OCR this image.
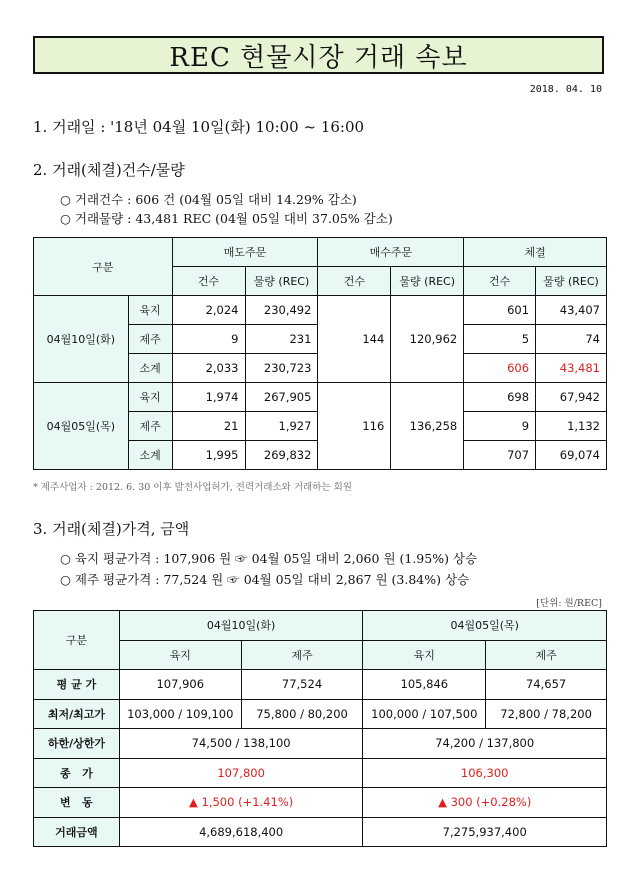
REC 현물시장 거래 속보
2018. 04. 10
1. 거래일 : '18년 04월 10일(화) 10:00 ~ 16:00
2. 거래(체결)건수/물량
○ 거래건수 : 606 건 (04월 05일 대비 14.29% 감소)
○ 거래물량 : 43,481 REC (04월 05일 대비 37.05% 감소)
구분		매도주문		매수주문		체결	
		건수	물량 (REC)	건수	물량 (REC)	건수	물량 (REC)
04월10일(화)	육지	2,024	230,492	144	120,962	601	43,407
	제주	9	231			5	74
	소계	2,033	230,723			606	43,481
04월05일(목)	육지	1,974	267,905	116	136,258	698	67,942
	제주	21	1,927			9	1,132
	소계	1,995	269,832			707	69,074
* 제주사업자 : 2012. 6. 30 이후 발전사업허가, 전력거래소와 거래하는 회원
3. 거래(체결)가격, 금액
○ 육지 평균가격 : 107,906 원 ☞ 04월 05일 대비 2,060 원 (1.95%) 상승
○ 제주 평균가격 : 77,524 원 ☞ 04월 05일 대비 2,867 원 (3.84%) 상승
[단위: 원/REC]
구분	04월10일(화)		04월05일(목)	
	육지	제주	육지	제주
평 균 가	107,906	77,524	105,846	74,657
최저/최고가	103,000 / 109,100	75,800 / 80,200	100,000 / 107,500	72,800 / 78,200
하한/상한가	74,500 / 138,100		74,200 / 137,800	
종   가	107,800		106,300	
변   동	▲ 1,500 (+1.41%)		▲ 300 (+0.28%)	
거래금액	4,689,618,400		7,275,937,400	
